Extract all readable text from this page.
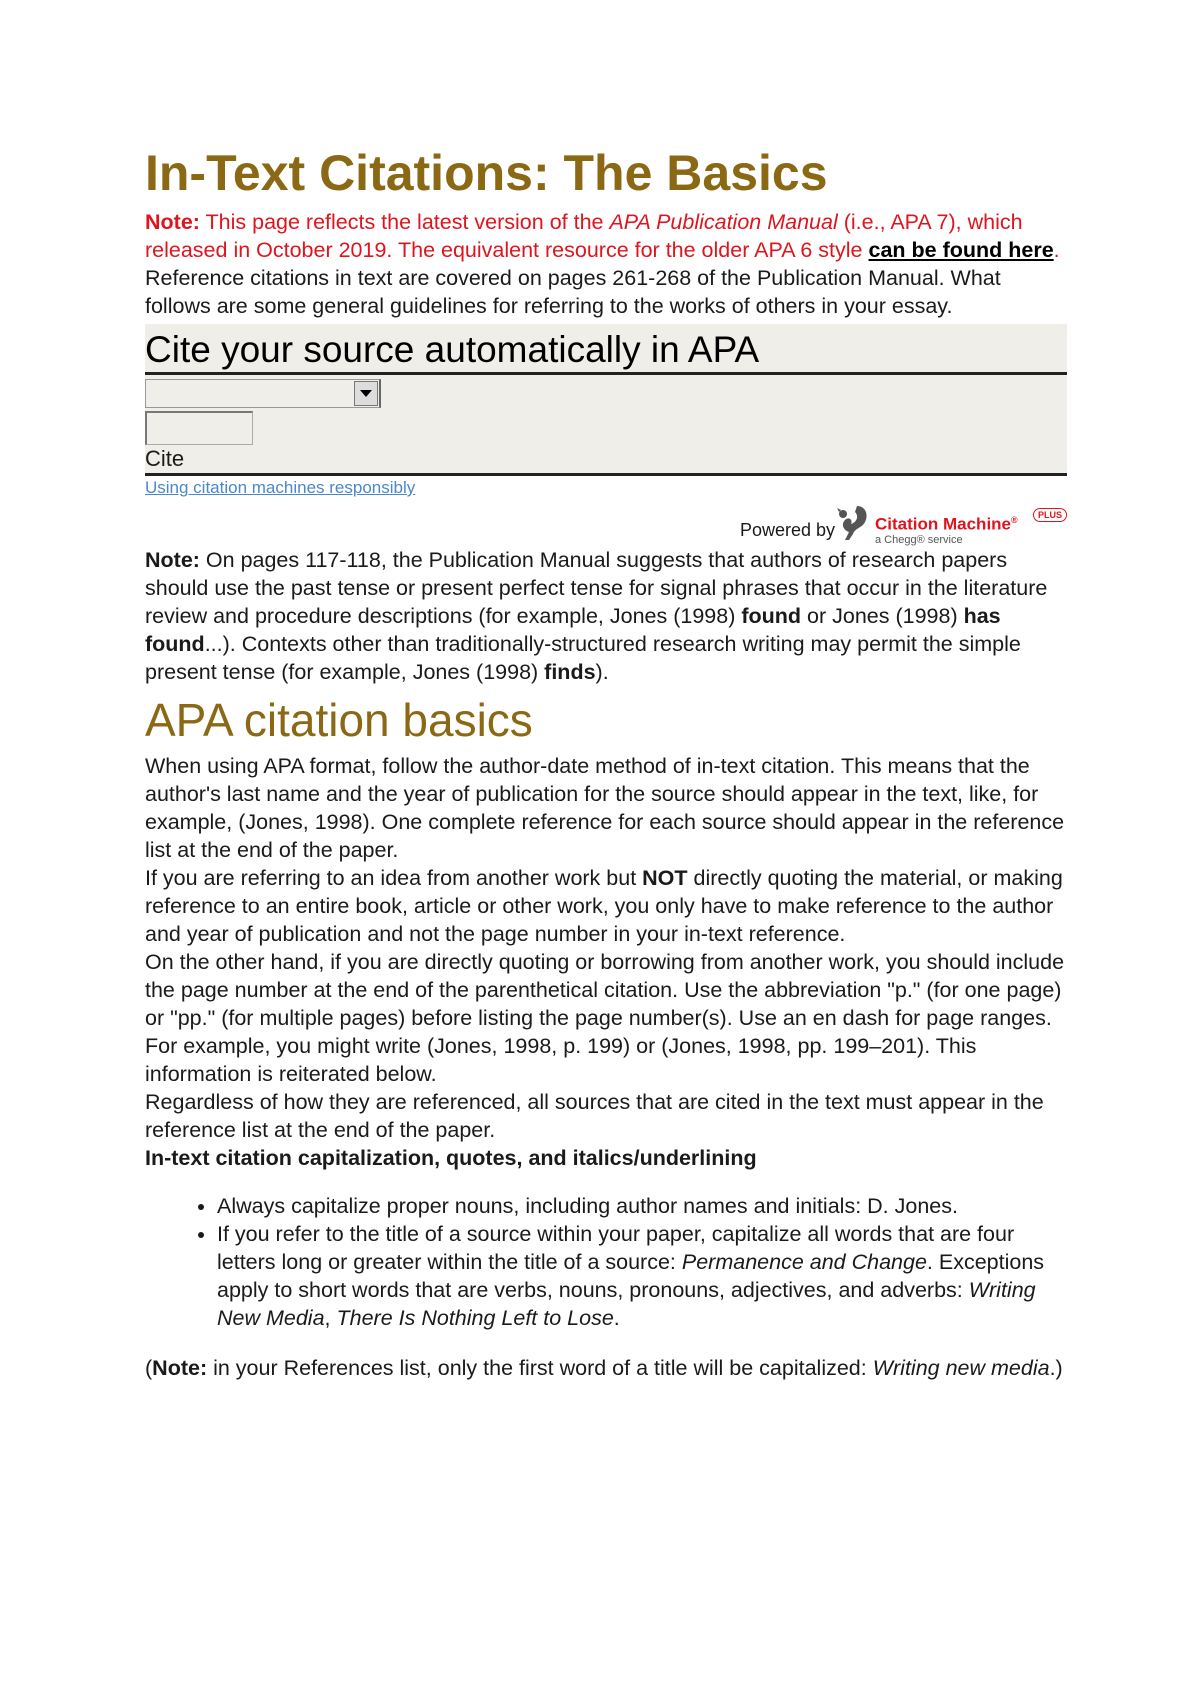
In-Text Citations: The Basics

Note: This page reflects the latest version of the APA Publication Manual (i.e., APA 7), which released in October 2019. The equivalent resource for the older APA 6 style can be found here.

Reference citations in text are covered on pages 261-268 of the Publication Manual. What follows are some general guidelines for referring to the works of others in your essay.

Cite your source automatically in APA
Cite
Using citation machines responsibly
Powered by Citation Machine®	PLUS
a Chegg® service

Note: On pages 117-118, the Publication Manual suggests that authors of research papers should use the past tense or present perfect tense for signal phrases that occur in the literature review and procedure descriptions (for example, Jones (1998) found or Jones (1998) has found...). Contexts other than traditionally-structured research writing may permit the simple present tense (for example, Jones (1998) finds).

APA citation basics

When using APA format, follow the author-date method of in-text citation. This means that the author's last name and the year of publication for the source should appear in the text, like, for example, (Jones, 1998). One complete reference for each source should appear in the reference list at the end of the paper.

If you are referring to an idea from another work but NOT directly quoting the material, or making reference to an entire book, article or other work, you only have to make reference to the author and year of publication and not the page number in your in-text reference.

On the other hand, if you are directly quoting or borrowing from another work, you should include the page number at the end of the parenthetical citation. Use the abbreviation "p." (for one page) or "pp." (for multiple pages) before listing the page number(s). Use an en dash for page ranges. For example, you might write (Jones, 1998, p. 199) or (Jones, 1998, pp. 199–201). This information is reiterated below.

Regardless of how they are referenced, all sources that are cited in the text must appear in the reference list at the end of the paper.

In-text citation capitalization, quotes, and italics/underlining

• Always capitalize proper nouns, including author names and initials: D. Jones.
• If you refer to the title of a source within your paper, capitalize all words that are four letters long or greater within the title of a source: Permanence and Change. Exceptions apply to short words that are verbs, nouns, pronouns, adjectives, and adverbs: Writing New Media, There Is Nothing Left to Lose.

(Note: in your References list, only the first word of a title will be capitalized: Writing new media.)
